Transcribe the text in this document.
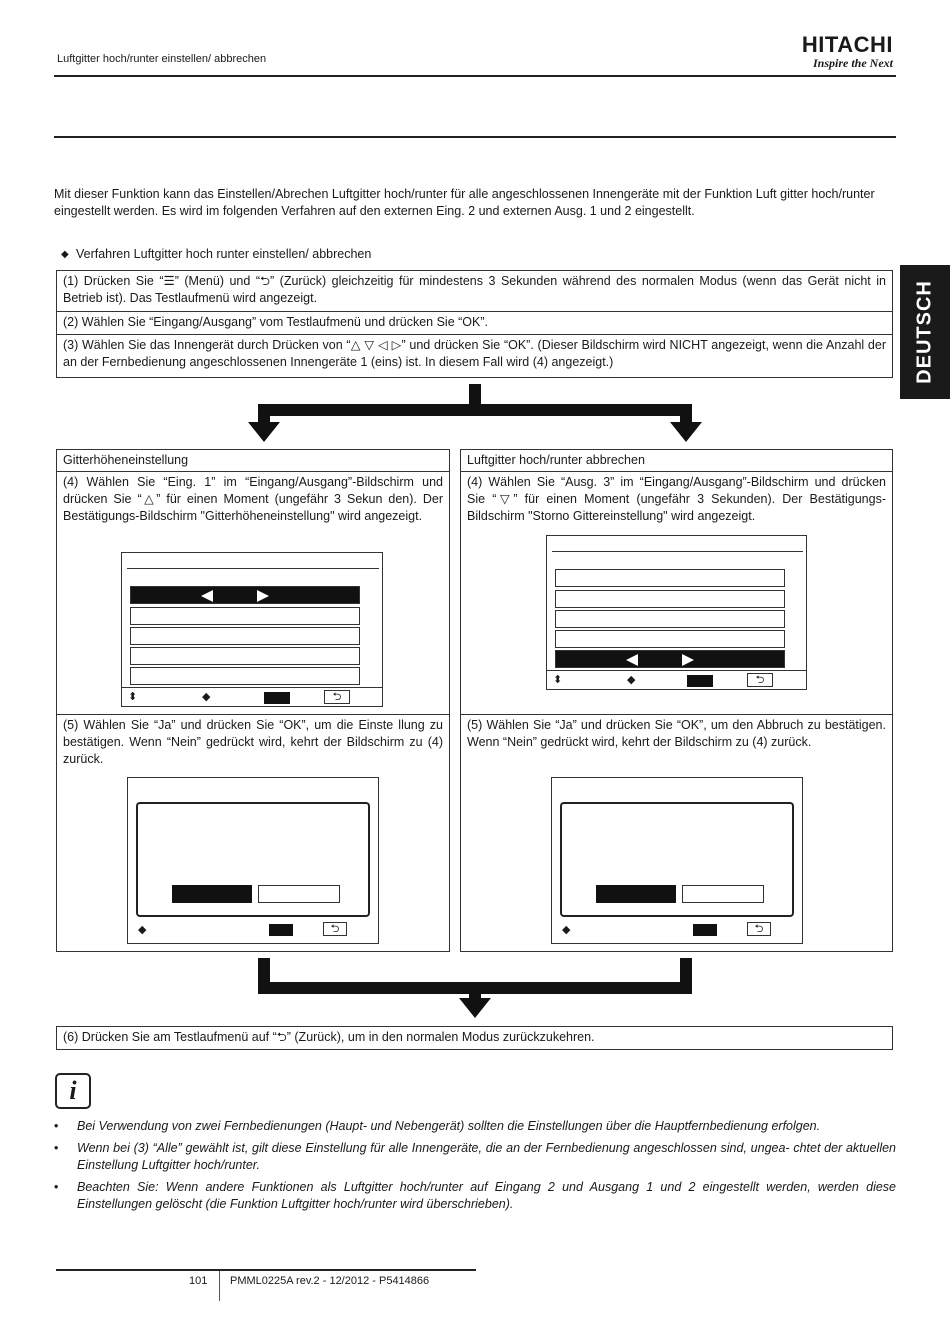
Luftgitter hoch/runter einstellen/ abbrechen
HITACHI
Inspire the Next
DEUTSCH
Mit dieser Funktion kann das Einstellen/Abrechen Luftgitter hoch/runter für alle angeschlossenen Innengeräte mit der Funktion Luft gitter hoch/runter eingestellt werden. Es wird im folgenden Verfahren auf den externen Eing. 2 und externen Ausg. 1 und 2 eingestellt.
◆ Verfahren Luftgitter hoch runter einstellen/ abbrechen
(1) Drücken Sie “☰” (Menü) und “⮌” (Zurück) gleichzeitig für mindestens 3 Sekunden während des normalen Modus (wenn das Gerät nicht in Betrieb ist). Das Testlaufmenü wird angezeigt.
(2) Wählen Sie “Eingang/Ausgang” vom Testlaufmenü und drücken Sie “OK”.
(3) Wählen Sie das Innengerät durch Drücken von “△ ▽ ◁ ▷” und drücken Sie “OK”. (Dieser Bildschirm wird NICHT angezeigt, wenn die Anzahl der an der Fernbedienung angeschlossenen Innengeräte 1 (eins) ist. In diesem Fall wird (4) angezeigt.)
Gitterhöheneinstellung
(4) Wählen Sie “Eing. 1” im “Eingang/Ausgang”-Bildschirm und drücken Sie “△” für einen Moment (ungefähr 3 Sekun den). Der Bestätigungs-Bildschirm "Gitterhöheneinstellung" wird angezeigt.
⬍	◆	⮌
(5) Wählen Sie “Ja” und drücken Sie “OK”, um die Einste llung zu bestätigen. Wenn “Nein” gedrückt wird, kehrt der Bildschirm zu (4) zurück.
◆	⮌
Luftgitter hoch/runter abbrechen
(4) Wählen Sie “Ausg. 3” im “Eingang/Ausgang”-Bildschirm und drücken Sie “▽” für einen Moment (ungefähr 3 Sekunden). Der Bestätigungs-Bildschirm "Storno Gittereinstellung" wird angezeigt.
⬍	◆	⮌
(5) Wählen Sie “Ja” und drücken Sie “OK”, um den Abbruch zu bestätigen. Wenn “Nein” gedrückt wird, kehrt der Bildschirm zu (4) zurück.
◆	⮌
(6) Drücken Sie am Testlaufmenü auf “⮌” (Zurück), um in den normalen Modus zurückzukehren.
i
• Bei Verwendung von zwei Fernbedienungen (Haupt- und Nebengerät) sollten die Einstellungen über die Hauptfernbedienung erfolgen.
• Wenn bei (3) “Alle” gewählt ist, gilt diese Einstellung für alle Innengeräte, die an der Fernbedienung angeschlossen sind, ungea- chtet der aktuellen Einstellung Luftgitter hoch/runter.
• Beachten Sie: Wenn andere Funktionen als Luftgitter hoch/runter auf Eingang 2 und Ausgang 1 und 2 eingestellt werden, werden diese Einstellungen gelöscht (die Funktion Luftgitter hoch/runter wird überschrieben).
101 PMML0225A rev.2 - 12/2012 - P5414866
